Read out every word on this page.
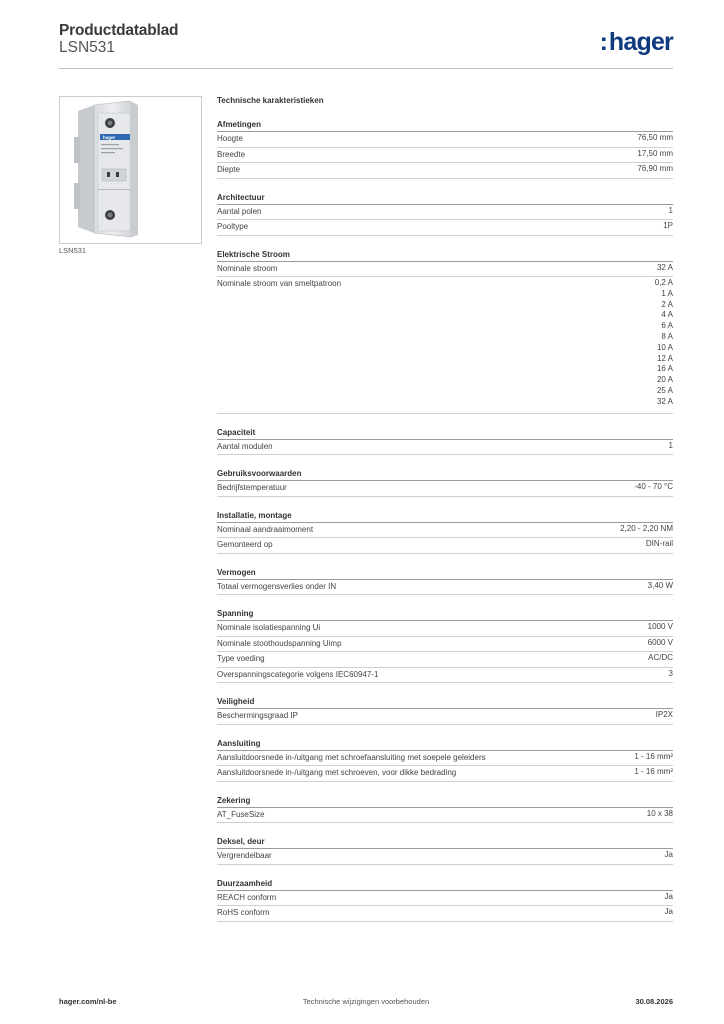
Productdatablad
LSN531	:hager
hager
LSN531
Technische karakteristieken
Afmetingen
Hoogte	76,50 mm
Breedte	17,50 mm
Diepte	76,90 mm
Architectuur
Aantal polen	1
Pooltype	1P
Elektrische Stroom
Nominale stroom	32 A
Nominale stroom van smeltpatroon	0,2 A
1 A
2 A
4 A
6 A
8 A
10 A
12 A
16 A
20 A
25 A
32 A
Capaciteit
Aantal modulen	1
Gebruiksvoorwaarden
Bedrijfstemperatuur	-40 - 70 °C
Installatie, montage
Nominaal aandraaimoment	2,20 - 2,20 NM
Gemonteerd op	DIN-rail
Vermogen
Totaal vermogensverlies onder IN	3,40 W
Spanning
Nominale isolatiespanning Ui	1000 V
Nominale stoothoudspanning Uimp	6000 V
Type voeding	AC/DC
Overspanningscategorie volgens IEC60947-1	3
Veiligheid
Beschermingsgraad IP	IP2X
Aansluiting
Aansluitdoorsnede in-/uitgang met schroefaansluiting met soepele geleiders	1 - 16 mm²
Aansluitdoorsnede in-/uitgang met schroeven, voor dikke bedrading	1 - 16 mm²
Zekering
AT_FuseSize	10 x 38
Deksel, deur
Vergrendelbaar	Ja
Duurzaamheid
REACH conform	Ja
RoHS conform	Ja
hager.com/nl-be	Technische wijzigingen voorbehouden	30.08.2026
